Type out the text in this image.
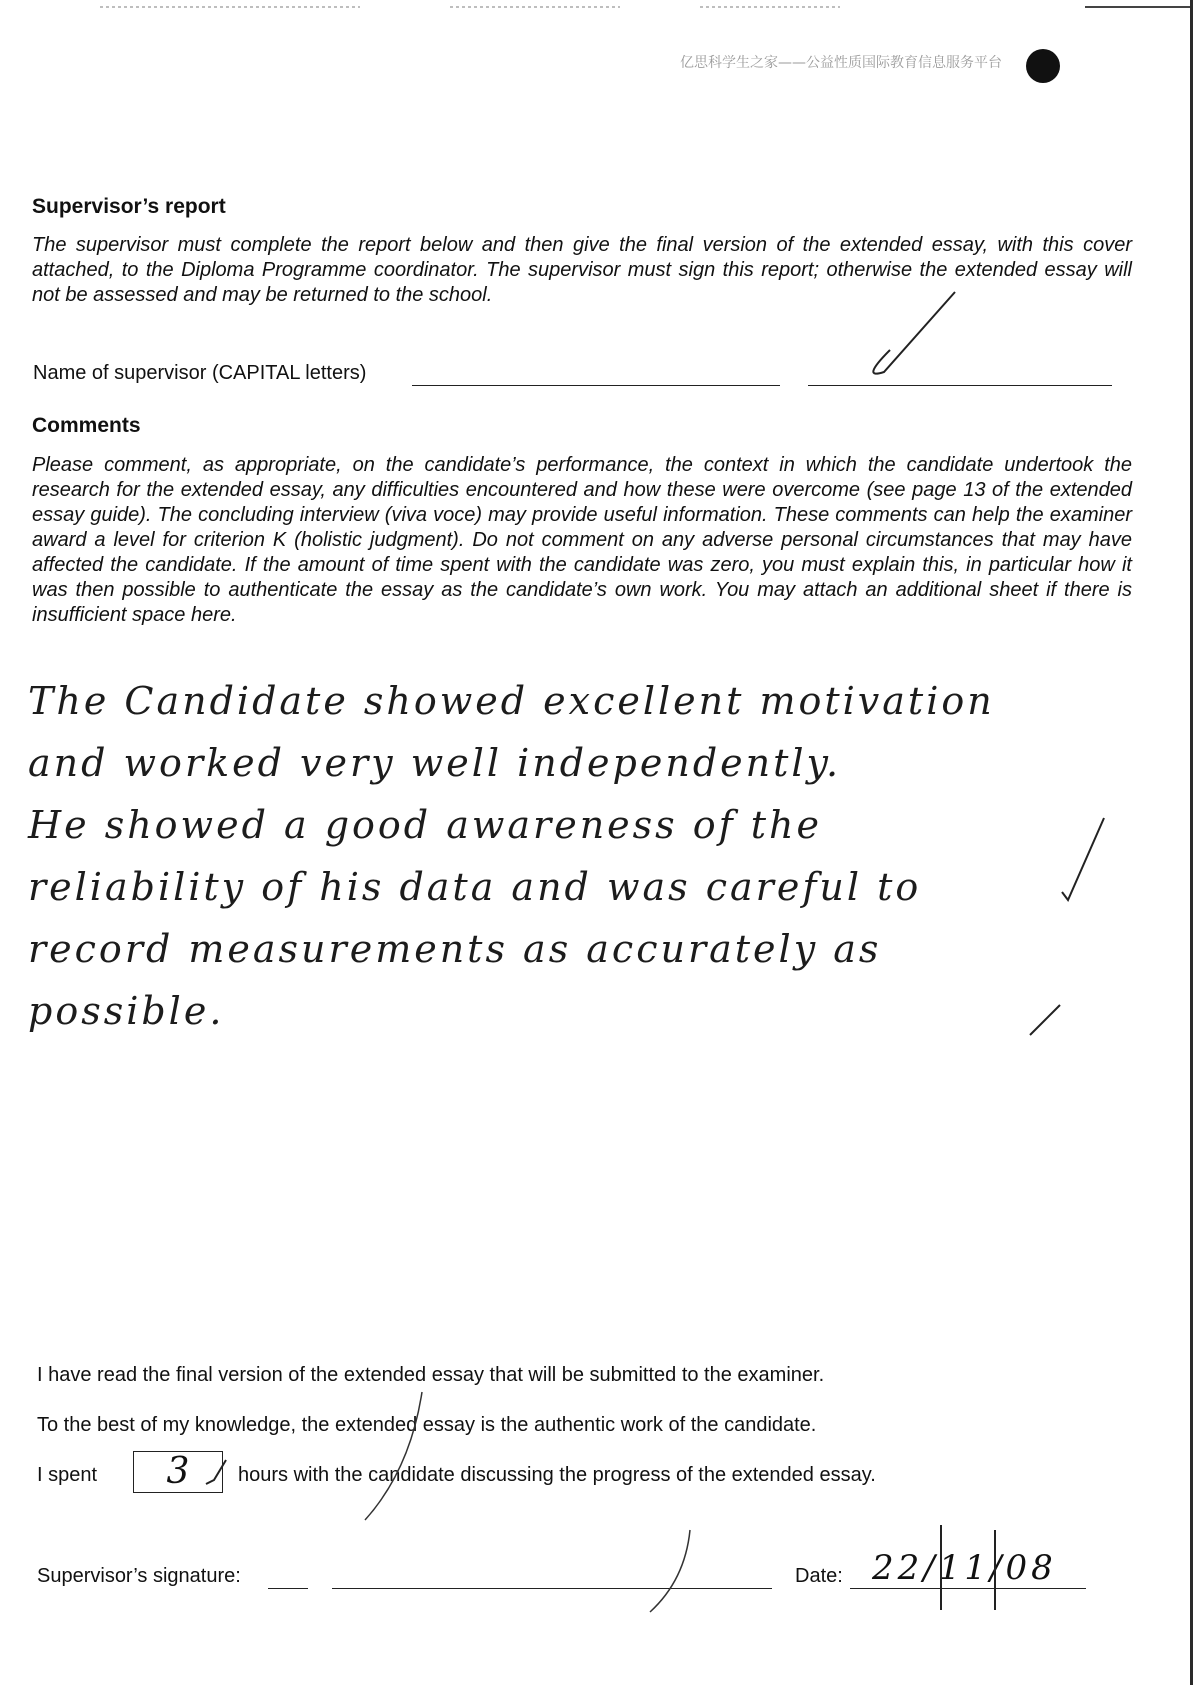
亿思科学生之家——公益性质国际教育信息服务平台
Supervisor’s report

The supervisor must complete the report below and then give the final version of the extended essay, with this cover attached, to the Diploma Programme coordinator. The supervisor must sign this report; otherwise the extended essay will not be assessed and may be returned to the school.

Name of supervisor (CAPITAL letters)
Comments

Please comment, as appropriate, on the candidate’s performance, the context in which the candidate undertook the research for the extended essay, any difficulties encountered and how these were overcome (see page 13 of the extended essay guide). The concluding interview (viva voce) may provide useful information. These comments can help the examiner award a level for criterion K (holistic judgment). Do not comment on any adverse personal circumstances that may have affected the candidate. If the amount of time spent with the candidate was zero, you must explain this, in particular how it was then possible to authenticate the essay as the candidate’s own work. You may attach an additional sheet if there is insufficient space here.

The Candidate showed excellent motivation
and worked very well independently.
He showed a good awareness of the
reliability of his data and was careful to
record measurements as accurately as possible.

I have read the final version of the extended essay that will be submitted to the examiner.

To the best of my knowledge, the extended essay is the authentic work of the candidate.

I spent	3	hours with the candidate discussing the progress of the extended essay.

Supervisor’s signature:	Date: 22/11/08
